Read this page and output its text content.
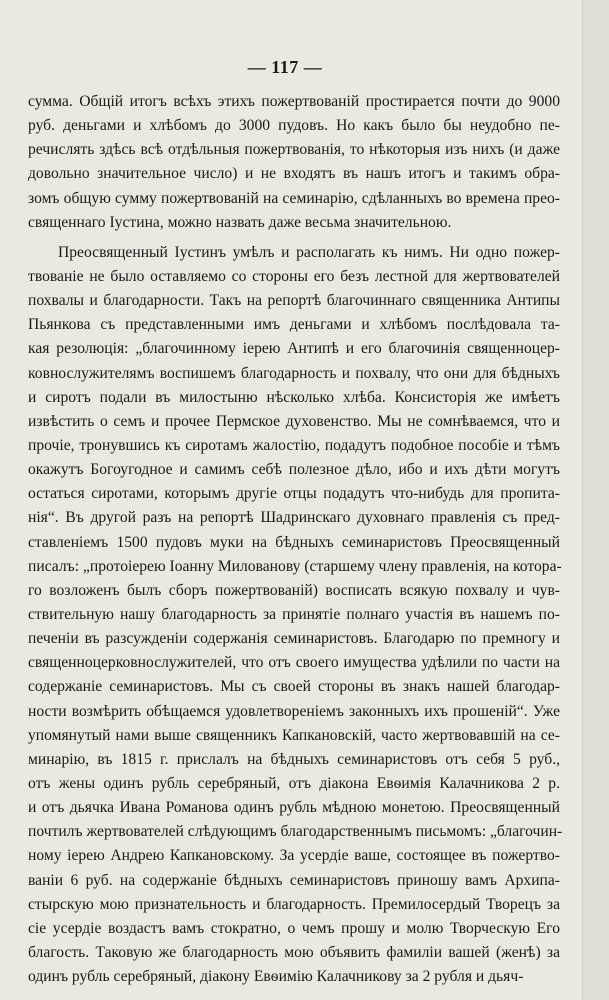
— 117 —
сумма. Общій итогъ всѣхъ этихъ пожертвованій простирается почти до 9000
руб. деньгами и хлѣбомъ до 3000 пудовъ. Но какъ было бы неудобно пе-
речислять здѣсь всѣ отдѣльныя пожертвованія, то нѣкоторыя изъ нихъ (и даже
довольно значительное число) и не входятъ въ нашъ итогъ и такимъ обра-
зомъ общую сумму пожертвованій на семинарію, сдѣланныхъ во времена прео-
священнаго Іустина, можно назвать даже весьма значительною.
Преосвященный Іустинъ умѣлъ и располагать къ нимъ. Ни одно пожер-
твованіе не было оставляемо со стороны его безъ лестной для жертвователей
похвалы и благодарности. Такъ на репортѣ благочиннаго священника Антипы
Пьянкова съ представленными имъ деньгами и хлѣбомъ послѣдовала та-
кая резолюція: „благочинному іерею Антипѣ и его благочинія священноцер-
ковнослужителямъ воспишемъ благодарность и похвалу, что они для бѣдныхъ
и сиротъ подали въ милостыню нѣсколько хлѣба. Консисторія же имѣетъ
извѣстить о семъ и прочее Пермское духовенство. Мы не сомнѣваемся, что и
прочіе, тронувшись къ сиротамъ жалостію, подадутъ подобное пособіе и тѣмъ
окажутъ Богоугодное и самимъ себѣ полезное дѣло, ибо и ихъ дѣти могутъ
остаться сиротами, которымъ другіе отцы подадутъ что-нибудь для пропита-
нія“. Въ другой разъ на репортѣ Шадринскаго духовнаго правленія съ пред-
ставленіемъ 1500 пудовъ муки на бѣдныхъ семинаристовъ Преосвященный
писалъ: „протоіерею Іоанну Милованову (старшему члену правленія, на которa-
го возложенъ былъ сборъ пожертвованій) восписать всякую похвалу и чув-
ствительную нашу благодарность за принятіе полнаго участія въ нашемъ по-
печеніи въ разсужденіи содержанія семинаристовъ. Благодарю по премногу и
священноцерковнослужителей, что отъ своего имущества удѣлили по части на
содержаніе семинаристовъ. Мы съ своей стороны въ знакъ нашей благодар-
ности возмѣрить обѣщаемся удовлетвореніемъ законныхъ ихъ прошеній“. Уже
упомянутый нами выше священникъ Капкановскій, часто жертвовавшій на се-
минарію, въ 1815 г. прислалъ на бѣдныхъ семинаристовъ отъ себя 5 руб.,
отъ жены одинъ рубль серебряный, отъ діакона Евѳимія Калачникова 2 р.
и отъ дьячка Ивана Романова одинъ рубль мѣдною монетою. Преосвященный
почтилъ жертвователей слѣдующимъ благодарственнымъ письмомъ: „благочин-
ному іерею Андрею Капкановскому. За усердіе ваше, состоящее въ пожертво-
ваніи 6 руб. на содержаніе бѣдныхъ семинаристовъ приношу вамъ Архипа-
стырскую мою признательность и благодарность. Премилосердый Творецъ за
сіе усердіе воздастъ вамъ стократно, о чемъ прошу и молю Творческую Его
благость. Таковую же благодарность мою объявить фамиліи вашей (женѣ) за
одинъ рубль серебряный, діакону Евѳимію Калачникову за 2 рубля и дьяч-
